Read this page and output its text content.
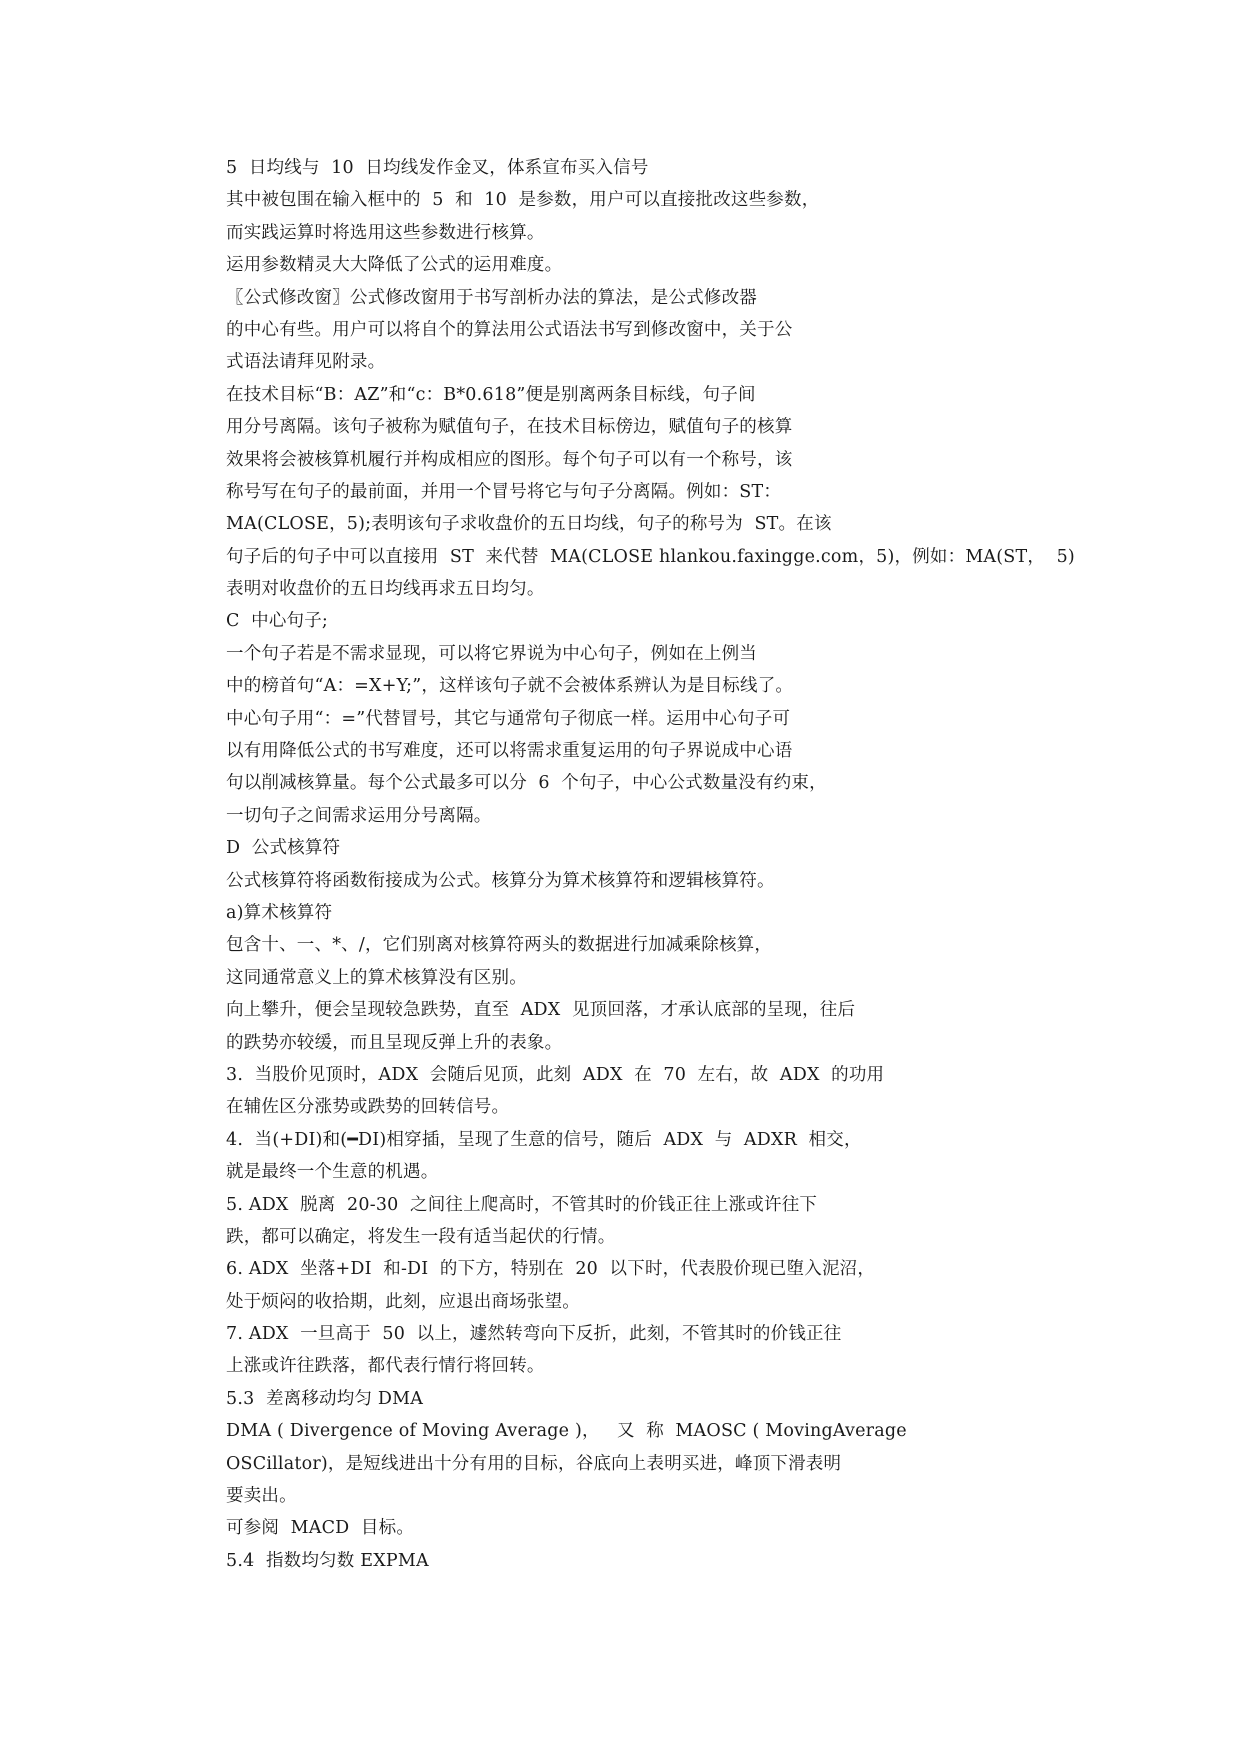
5  日均线与  10  日均线发作金叉，体系宣布买入信号
其中被包围在输入框中的  5  和  10  是参数，用户可以直接批改这些参数，
而实践运算时将选用这些参数进行核算。
运用参数精灵大大降低了公式的运用难度。
〖公式修改窗〗公式修改窗用于书写剖析办法的算法，是公式修改器
的中心有些。用户可以将自个的算法用公式语法书写到修改窗中，关于公
式语法请拜见附录。
在技术目标“B：AZ”和“c：B*0.618”便是别离两条目标线，句子间
用分号离隔。该句子被称为赋值句子，在技术目标傍边，赋值句子的核算
效果将会被核算机履行并构成相应的图形。每个句子可以有一个称号，该
称号写在句子的最前面，并用一个冒号将它与句子分离隔。例如：ST：
MA(CLOSE，5);表明该句子求收盘价的五日均线，句子的称号为  ST。在该
句子后的句子中可以直接用  ST  来代替  MA(CLOSE hlankou.faxingge.com，5)，例如：MA(ST，  5)
表明对收盘价的五日均线再求五日均匀。
C  中心句子;
一个句子若是不需求显现，可以将它界说为中心句子，例如在上例当
中的榜首句“A：=X+Y;”，这样该句子就不会被体系辨认为是目标线了。
中心句子用“：=”代替冒号，其它与通常句子彻底一样。运用中心句子可
以有用降低公式的书写难度，还可以将需求重复运用的句子界说成中心语
句以削减核算量。每个公式最多可以分  6  个句子，中心公式数量没有约束，
一切句子之间需求运用分号离隔。
D  公式核算符
公式核算符将函数衔接成为公式。核算分为算术核算符和逻辑核算符。
a)算术核算符
包含十、一、*、/，它们别离对核算符两头的数据进行加减乘除核算，
这同通常意义上的算术核算没有区别。
向上攀升，便会呈现较急跌势，直至  ADX  见顶回落，才承认底部的呈现，往后
的跌势亦较缓，而且呈现反弹上升的表象。
3.  当股价见顶时，ADX  会随后见顶，此刻  ADX  在  70  左右，故  ADX  的功用
在辅佐区分涨势或跌势的回转信号。
4.  当(+DI)和(━DI)相穿插，呈现了生意的信号，随后  ADX  与  ADXR  相交，
就是最终一个生意的机遇。
5. ADX  脱离  20-30  之间往上爬高时，不管其时的价钱正往上涨或许往下
跌，都可以确定，将发生一段有适当起伏的行情。
6. ADX  坐落+DI  和-DI  的下方，特别在  20  以下时，代表股价现已堕入泥沼，
处于烦闷的收拾期，此刻，应退出商场张望。
7. ADX  一旦高于  50  以上，遽然转弯向下反折，此刻，不管其时的价钱正往
上涨或许往跌落，都代表行情行将回转。
5.3  差离移动均匀 DMA
DMA ( Divergence of Moving Average )，   又  称  MAOSC ( MovingAverage
OSCillator)，是短线进出十分有用的目标，谷底向上表明买进，峰顶下滑表明
要卖出。
可参阅  MACD  目标。
5.4  指数均匀数 EXPMA
